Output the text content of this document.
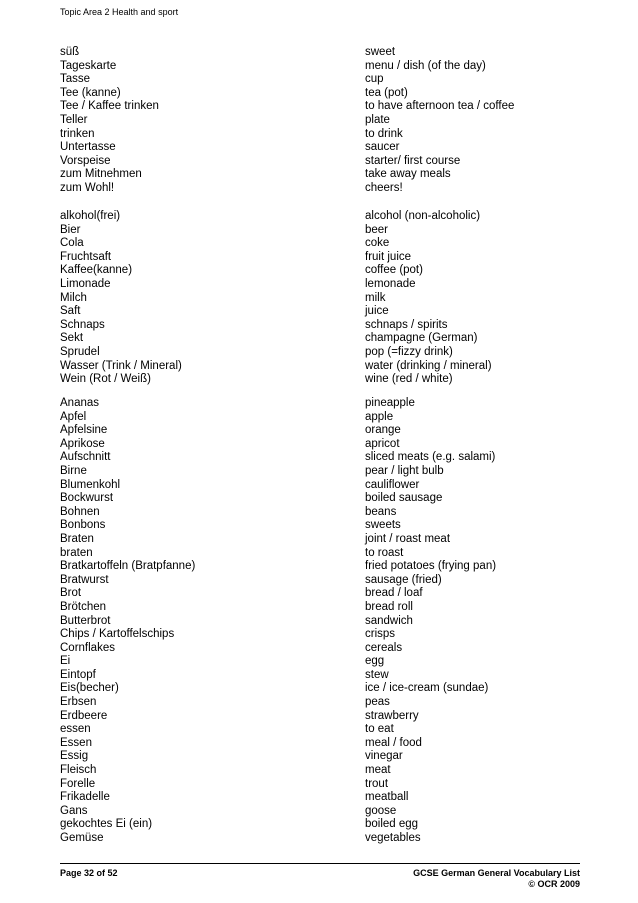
Topic Area 2 Health and sport
süß	sweet
Tageskarte	menu / dish (of the day)
Tasse	cup
Tee (kanne)	tea (pot)
Tee / Kaffee trinken	to have afternoon tea / coffee
Teller	plate
trinken	to drink
Untertasse	saucer
Vorspeise	starter/ first course
zum Mitnehmen	take away meals
zum Wohl!	cheers!
alkohol(frei)	alcohol (non-alcoholic)
Bier	beer
Cola	coke
Fruchtsaft	fruit juice
Kaffee(kanne)	coffee (pot)
Limonade	lemonade
Milch	milk
Saft	juice
Schnaps	schnaps / spirits
Sekt	champagne (German)
Sprudel	pop (=fizzy drink)
Wasser (Trink / Mineral)	water (drinking / mineral)
Wein (Rot / Weiß)	wine (red / white)
Ananas	pineapple
Apfel	apple
Apfelsine	orange
Aprikose	apricot
Aufschnitt	sliced meats (e.g. salami)
Birne	pear / light bulb
Blumenkohl	cauliflower
Bockwurst	boiled sausage
Bohnen	beans
Bonbons	sweets
Braten	joint / roast meat
braten	to roast
Bratkartoffeln (Bratpfanne)	fried potatoes (frying pan)
Bratwurst	sausage (fried)
Brot	bread / loaf
Brötchen	bread roll
Butterbrot	sandwich
Chips / Kartoffelschips	crisps
Cornflakes	cereals
Ei	egg
Eintopf	stew
Eis(becher)	ice / ice-cream (sundae)
Erbsen	peas
Erdbeere	strawberry
essen	to eat
Essen	meal / food
Essig	vinegar
Fleisch	meat
Forelle	trout
Frikadelle	meatball
Gans	goose
gekochtes Ei (ein)	boiled egg
Gemüse	vegetables
Page 32 of 52	GCSE German General Vocabulary List
© OCR 2009
